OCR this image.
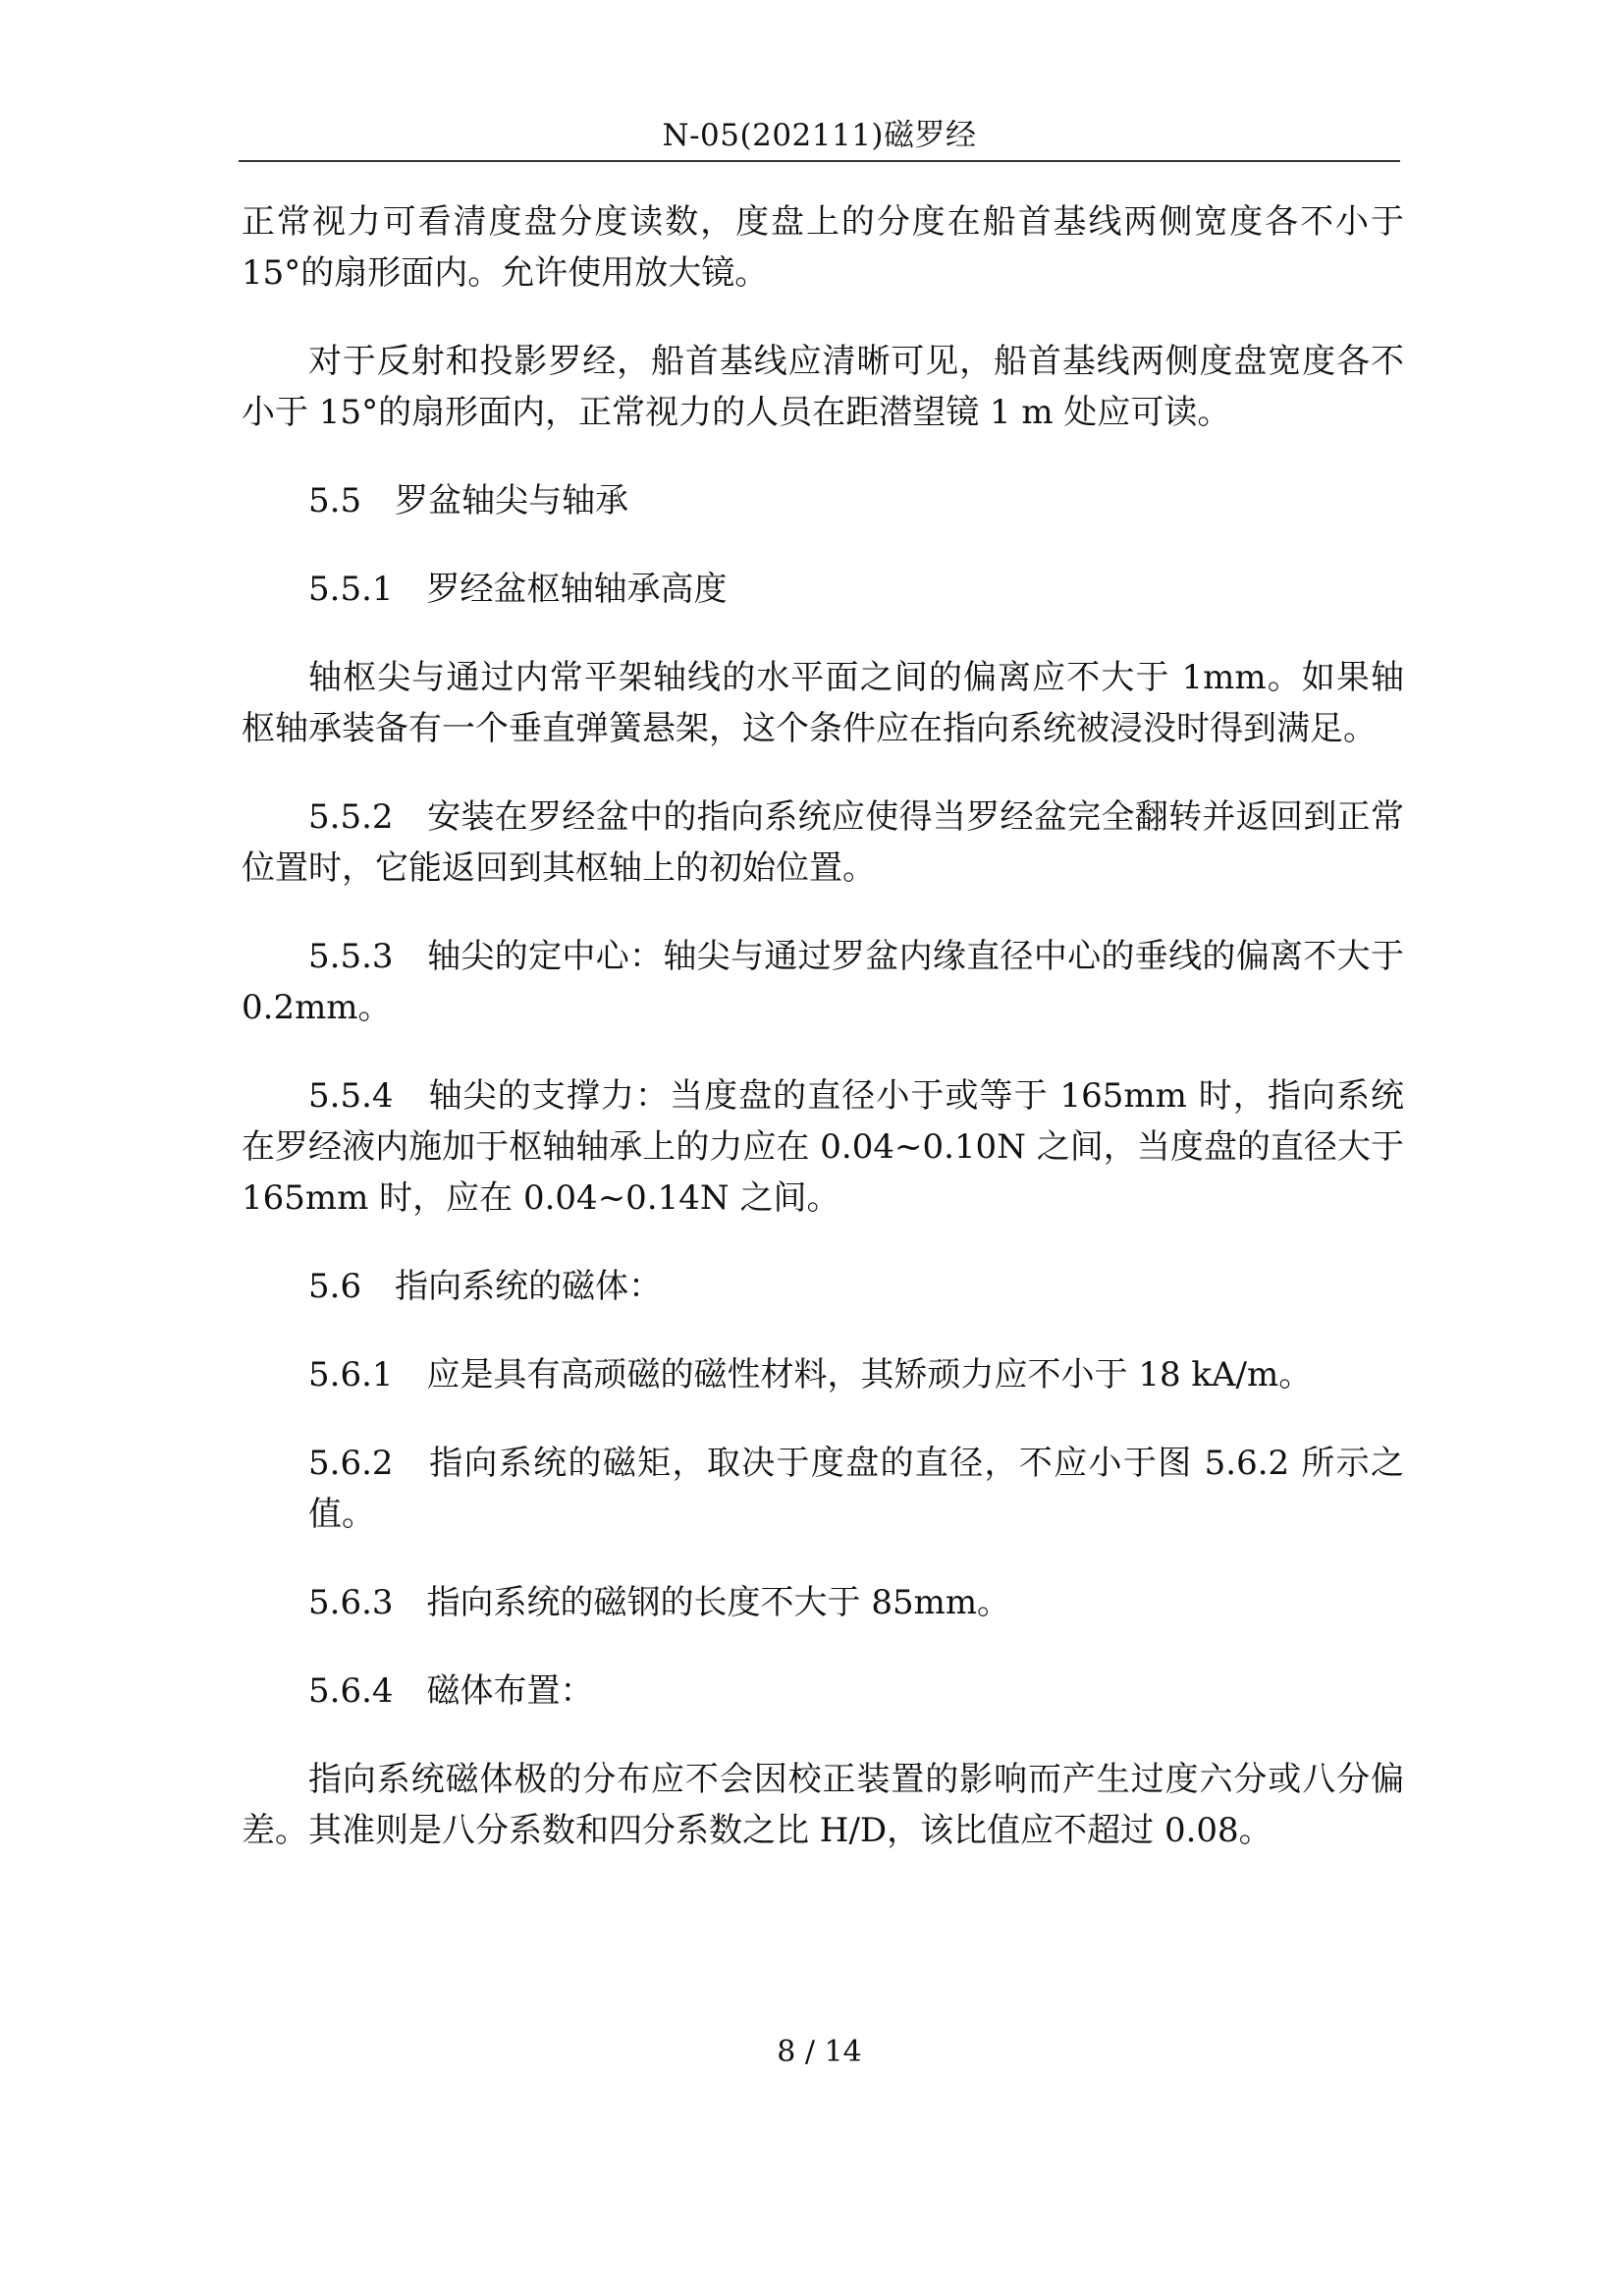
N-05(202111)磁罗经

正常视力可看清度盘分度读数，度盘上的分度在船首基线两侧宽度各不小于 15°的扇形面内。允许使用放大镜。

对于反射和投影罗经，船首基线应清晰可见，船首基线两侧度盘宽度各不小于 15°的扇形面内，正常视力的人员在距潜望镜 1 m 处应可读。

5.5　罗盆轴尖与轴承

5.5.1　罗经盆枢轴轴承高度

轴枢尖与通过内常平架轴线的水平面之间的偏离应不大于 1mm。如果轴枢轴承装备有一个垂直弹簧悬架，这个条件应在指向系统被浸没时得到满足。

5.5.2　安装在罗经盆中的指向系统应使得当罗经盆完全翻转并返回到正常位置时，它能返回到其枢轴上的初始位置。

5.5.3　轴尖的定中心：轴尖与通过罗盆内缘直径中心的垂线的偏离不大于 0.2mm。

5.5.4　轴尖的支撑力：当度盘的直径小于或等于 165mm 时，指向系统在罗经液内施加于枢轴轴承上的力应在 0.04~0.10N 之间，当度盘的直径大于 165mm 时，应在 0.04~0.14N 之间。

5.6　指向系统的磁体：

5.6.1　应是具有高顽磁的磁性材料，其矫顽力应不小于 18 kA/m。

5.6.2　指向系统的磁矩，取决于度盘的直径，不应小于图 5.6.2 所示之值。

5.6.3　指向系统的磁钢的长度不大于 85mm。

5.6.4　磁体布置：

指向系统磁体极的分布应不会因校正装置的影响而产生过度六分或八分偏差。其准则是八分系数和四分系数之比 H/D，该比值应不超过 0.08。

8 / 14
